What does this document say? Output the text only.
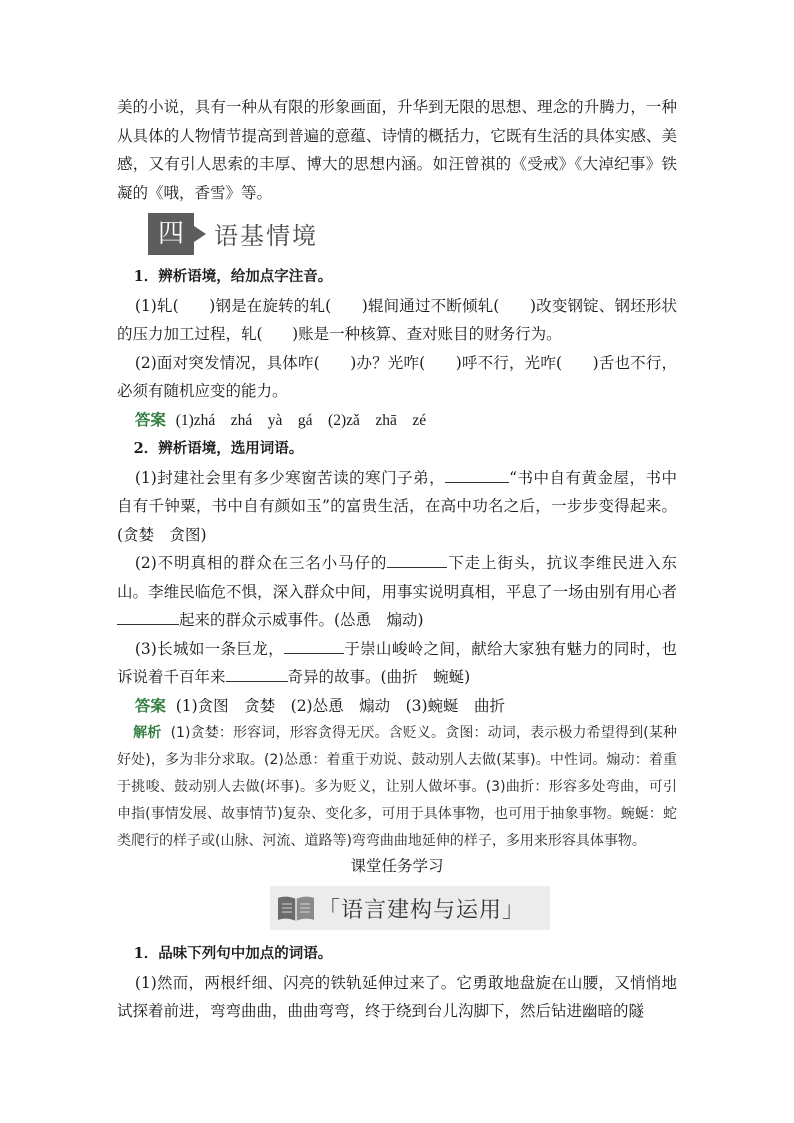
美的小说，具有一种从有限的形象画面，升华到无限的思想、理念的升腾力，一种从具体的人物情节提高到普遍的意蕴、诗情的概括力，它既有生活的具体实感、美感，又有引人思索的丰厚、博大的思想内涵。如汪曾祺的《受戒》《大淖纪事》铁凝的《哦，香雪》等。

四	语基情境

1．辨析语境，给加点字注音。

(1)轧( )钢是在旋转的轧( )辊间通过不断倾轧( )改变钢锭、钢坯形状的压力加工过程，轧( )账是一种核算、查对账目的财务行为。

(2)面对突发情况，具体咋( )办？光咋( )呼不行，光咋( )舌也不行，必须有随机应变的能力。

答案 (1)zhá　zhá　yà　gá　(2)zǎ　zhā　zé

2．辨析语境，选用词语。

(1)封建社会里有多少寒窗苦读的寒门子弟，	“书中自有黄金屋，书中自有千钟粟，书中自有颜如玉”的富贵生活，在高中功名之后，一步步变得起来。(贪婪　贪图)

(2)不明真相的群众在三名小马仔的	下走上街头，抗议李维民进入东山。李维民临危不惧，深入群众中间，用事实说明真相，平息了一场由别有用心者起来的群众示威事件。(怂恿　煽动)

(3)长城如一条巨龙，	于崇山峻岭之间，献给大家独有魅力的同时，也诉说着千百年来	奇异的故事。(曲折　蜿蜒)

答案 (1)贪图　贪婪　(2)怂恿　煽动　(3)蜿蜒　曲折

解析 (1)贪婪：形容词，形容贪得无厌。含贬义。贪图：动词，表示极力希望得到(某种好处)，多为非分求取。(2)怂恿：着重于劝说、鼓动别人去做(某事)。中性词。煽动：着重于挑唆、鼓动别人去做(坏事)。多为贬义，让别人做坏事。(3)曲折：形容多处弯曲，可引申指(事情发展、故事情节)复杂、变化多，可用于具体事物，也可用于抽象事物。蜿蜒：蛇类爬行的样子或(山脉、河流、道路等)弯弯曲曲地延伸的样子，多用来形容具体事物。

课堂任务学习
「语言建构与运用」

1．品味下列句中加点的词语。

(1)然而，两根纤细、闪亮的铁轨延伸过来了。它勇敢地盘旋在山腰，又悄悄地试探着前进，弯弯曲曲，曲曲弯弯，终于绕到台儿沟脚下，然后钻进幽暗的隧
